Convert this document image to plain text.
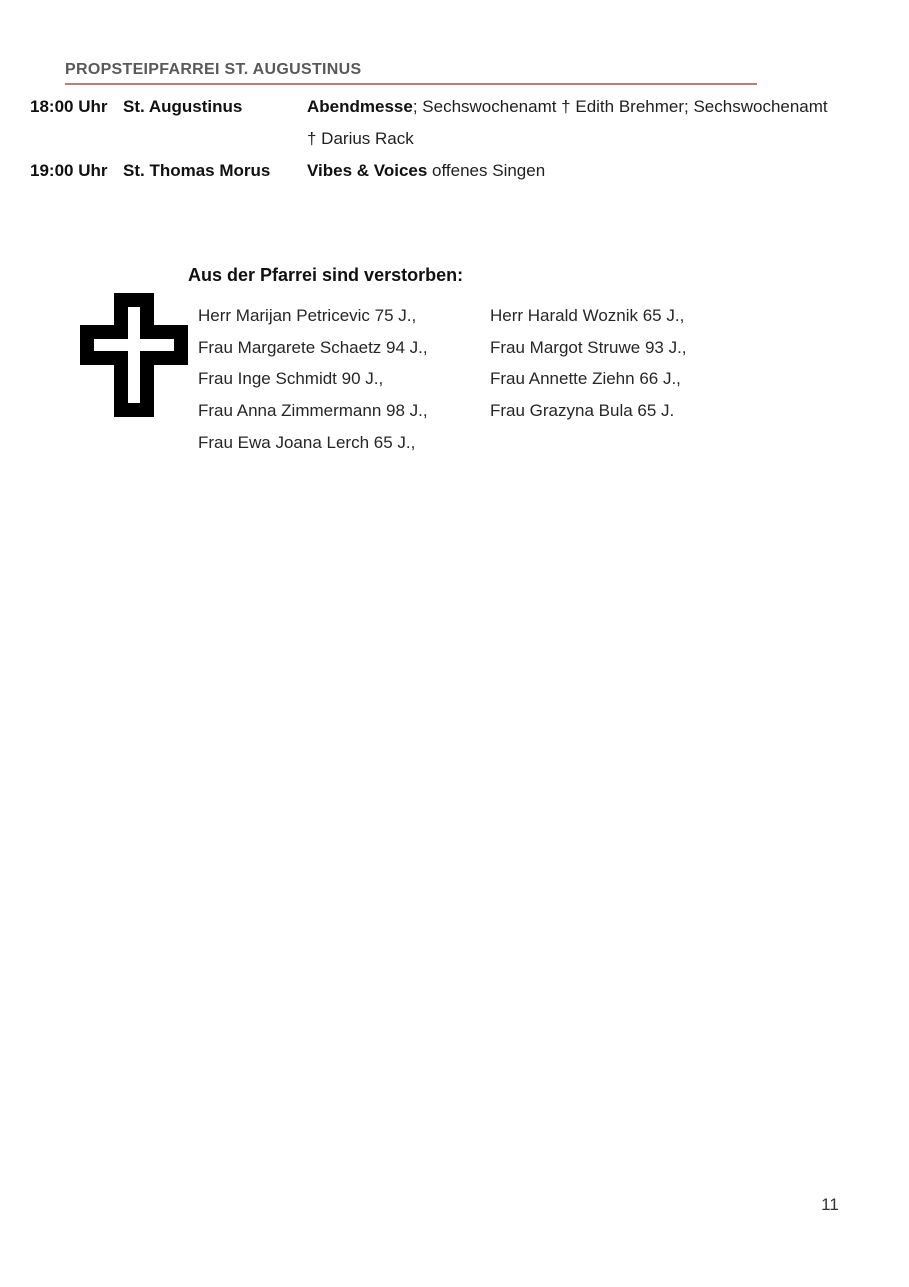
PROPSTEIPFARREI ST. AUGUSTINUS
18:00 Uhr St. Augustinus	Abendmesse; Sechswochenamt † Edith Brehmer; Sechswochenamt
† Darius Rack
19:00 Uhr St. Thomas Morus	Vibes & Voices offenes Singen
Aus der Pfarrei sind verstorben:
Herr Marijan Petricevic 75 J.,
Frau Margarete Schaetz 94 J.,
Frau Inge Schmidt 90 J.,
Frau Anna Zimmermann 98 J.,
Frau Ewa Joana Lerch 65 J.,
Herr Harald Woznik 65 J.,
Frau Margot Struwe 93 J.,
Frau Annette Ziehn 66 J.,
Frau Grazyna Bula 65 J.
11
